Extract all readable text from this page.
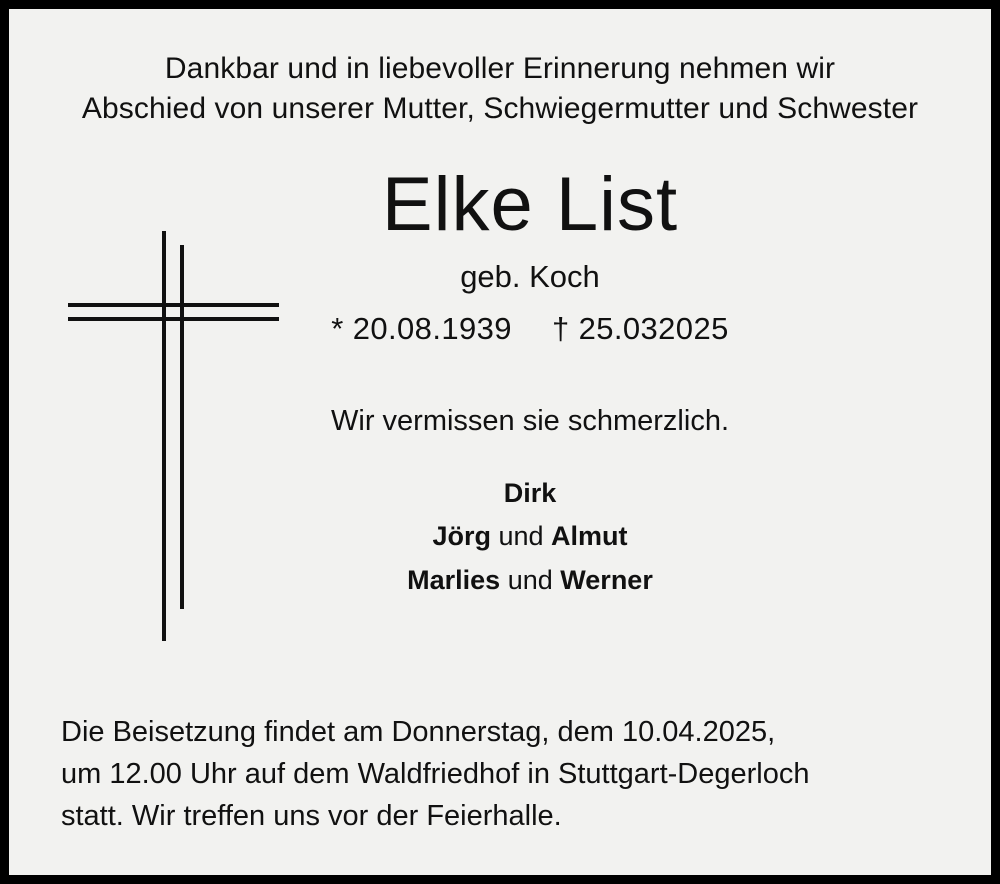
Dankbar und in liebevoller Erinnerung nehmen wir
Abschied von unserer Mutter, Schwiegermutter und Schwester
Elke List
geb. Koch
* 20.08.1939 † 25.032025
Wir vermissen sie schmerzlich.
Dirk
Jörg und Almut
Marlies und Werner
Die Beisetzung findet am Donnerstag, dem 10.04.2025,
um 12.00 Uhr auf dem Waldfriedhof in Stuttgart-Degerloch
statt. Wir treffen uns vor der Feierhalle.
